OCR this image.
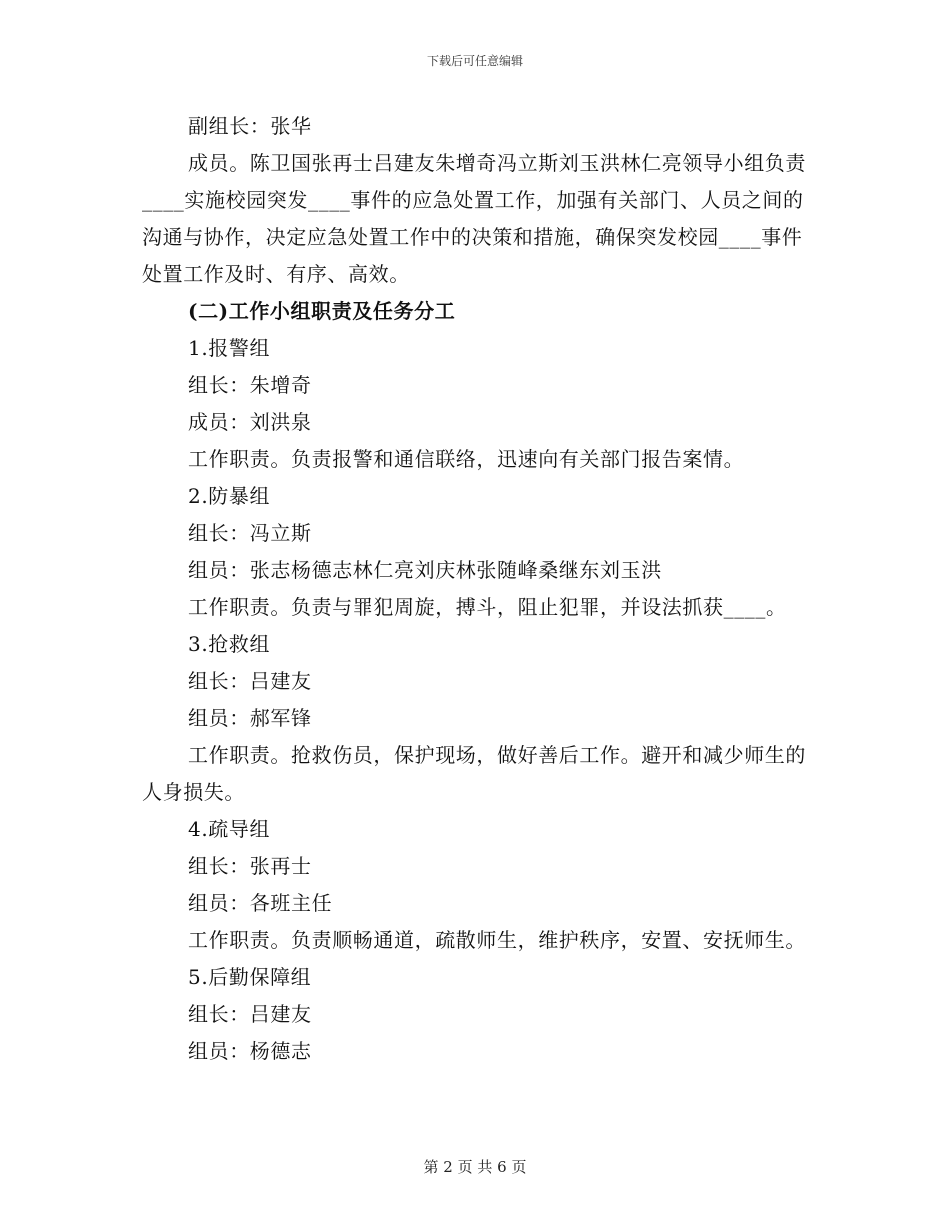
下载后可任意编辑

副组长：张华

成员。陈卫国张再士吕建友朱增奇冯立斯刘玉洪林仁亮领导小组负责____实施校园突发____事件的应急处置工作，加强有关部门、人员之间的沟通与协作，决定应急处置工作中的决策和措施，确保突发校园____事件处置工作及时、有序、高效。

(二)工作小组职责及任务分工

1.报警组

组长：朱增奇

成员：刘洪泉

工作职责。负责报警和通信联络，迅速向有关部门报告案情。

2.防暴组

组长：冯立斯

组员：张志杨德志林仁亮刘庆林张随峰桑继东刘玉洪

工作职责。负责与罪犯周旋，搏斗，阻止犯罪，并设法抓获____。

3.抢救组

组长：吕建友

组员：郝军锋

工作职责。抢救伤员，保护现场，做好善后工作。避开和减少师生的人身损失。

4.疏导组

组长：张再士

组员：各班主任

工作职责。负责顺畅通道，疏散师生，维护秩序，安置、安抚师生。

5.后勤保障组

组长：吕建友

组员：杨德志

第 2 页 共 6 页
